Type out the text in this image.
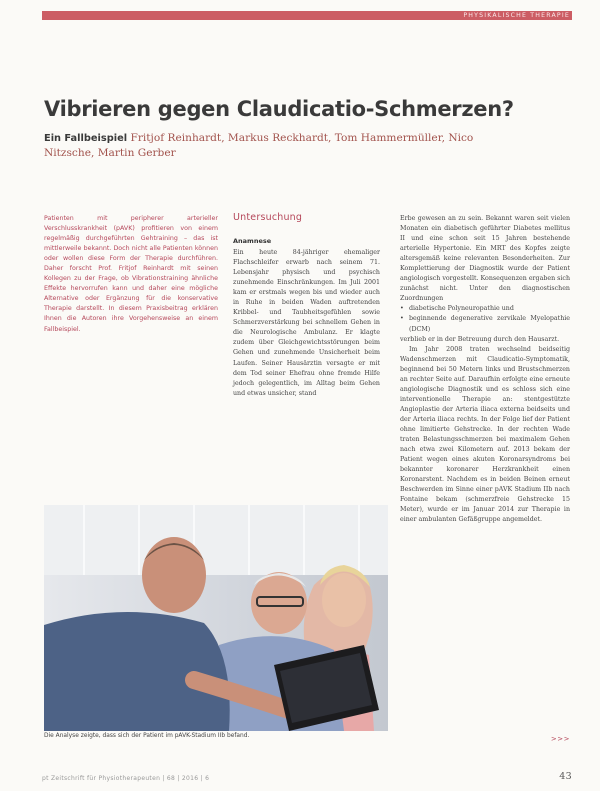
PHYSIKALISCHE THERAPIE
Vibrieren gegen Claudicatio-Schmerzen?
Ein Fallbeispiel Fritjof Reinhardt, Markus Reckhardt, Tom Hammermüller, Nico Nitzsche, Martin Gerber

Patienten mit peripherer arterieller Verschlusskrankheit (pAVK) profitieren von einem regelmäßig durchgeführten Gehtraining – das ist mittlerweile bekannt. Doch nicht alle Patienten können oder wollen diese Form der Therapie durchführen. Daher forscht Prof. Fritjof Reinhardt mit seinen Kollegen zu der Frage, ob Vibrationstraining ähnliche Effekte hervorrufen kann und daher eine mögliche Alternative oder Ergänzung für die konservative Therapie darstellt. In diesem Praxisbeitrag erklären Ihnen die Autoren ihre Vorgehensweise an einem Fallbeispiel.

Untersuchung
Anamnese

Ein heute 84-jähriger ehemaliger Flachschleifer erwarb nach seinem 71. Lebensjahr physisch und psychisch zunehmende Einschränkungen. Im Juli 2001 kam er erstmals wegen bis und wieder auch in Ruhe in beiden Waden auftretenden Kribbel- und Taubheitsgefühlen sowie Schmerzverstärkung bei schnellem Gehen in die Neurologische Ambulanz. Er klagte zudem über Gleichgewichtsstörungen beim Gehen und zunehmende Unsicherheit beim Laufen. Seiner Hausärztin versagte er mit dem Tod seiner Ehefrau ohne fremde Hilfe jedoch gelegentlich, im Alltag beim Gehen und etwas unsicher, stand

Erbe gewesen an zu sein. Bekannt waren seit vielen Monaten ein diabetisch geführter Diabetes mellitus II und eine schon seit 15 Jahren bestehende arterielle Hypertonie. Ein MRT des Kopfes zeigte altersgemäß keine relevanten Besonderheiten. Zur Komplettierung der Diagnostik wurde der Patient angiologisch vorgestellt. Konsequenzen ergaben sich zunächst nicht. Unter den diagnostischen Zuordnungen

• diabetische Polyneuropathie und
• beginnende degenerative zervikale Myelopathie (DCM)

verblieb er in der Betreuung durch den Hausarzt.

Im Jahr 2008 traten wechselnd beidseitig Wadenschmerzen mit Claudicatio-Symptomatik, beginnend bei 50 Metern links und Brustschmerzen an rechter Seite auf. Daraufhin erfolgte eine erneute angiologische Diagnostik und es schloss sich eine interventionelle Therapie an: stentgestützte Angioplastie der Arteria iliaca externa beidseits und der Arteria iliaca rechts. In der Folge lief der Patient ohne limitierte Gehstrecke. In der rechten Wade traten Belastungsschmerzen bei maximalem Gehen nach etwa zwei Kilometern auf. 2013 bekam der Patient wegen eines akuten Koronarsyndroms bei bekannter koronarer Herzkrankheit einen Koronarstent. Nachdem es in beiden Beinen erneut Beschwerden im Sinne einer pAVK Stadium IIb nach Fontaine bekam (schmerzfreie Gehstrecke 15 Meter), wurde er im Januar 2014 zur Therapie in einer ambulanten Gefäßgruppe angemeldet.

>>>
Die Analyse zeigte, dass sich der Patient im pAVK-Stadium IIb befand.
pt Zeitschrift für Physiotherapeuten | 68 | 2016 | 6	43
